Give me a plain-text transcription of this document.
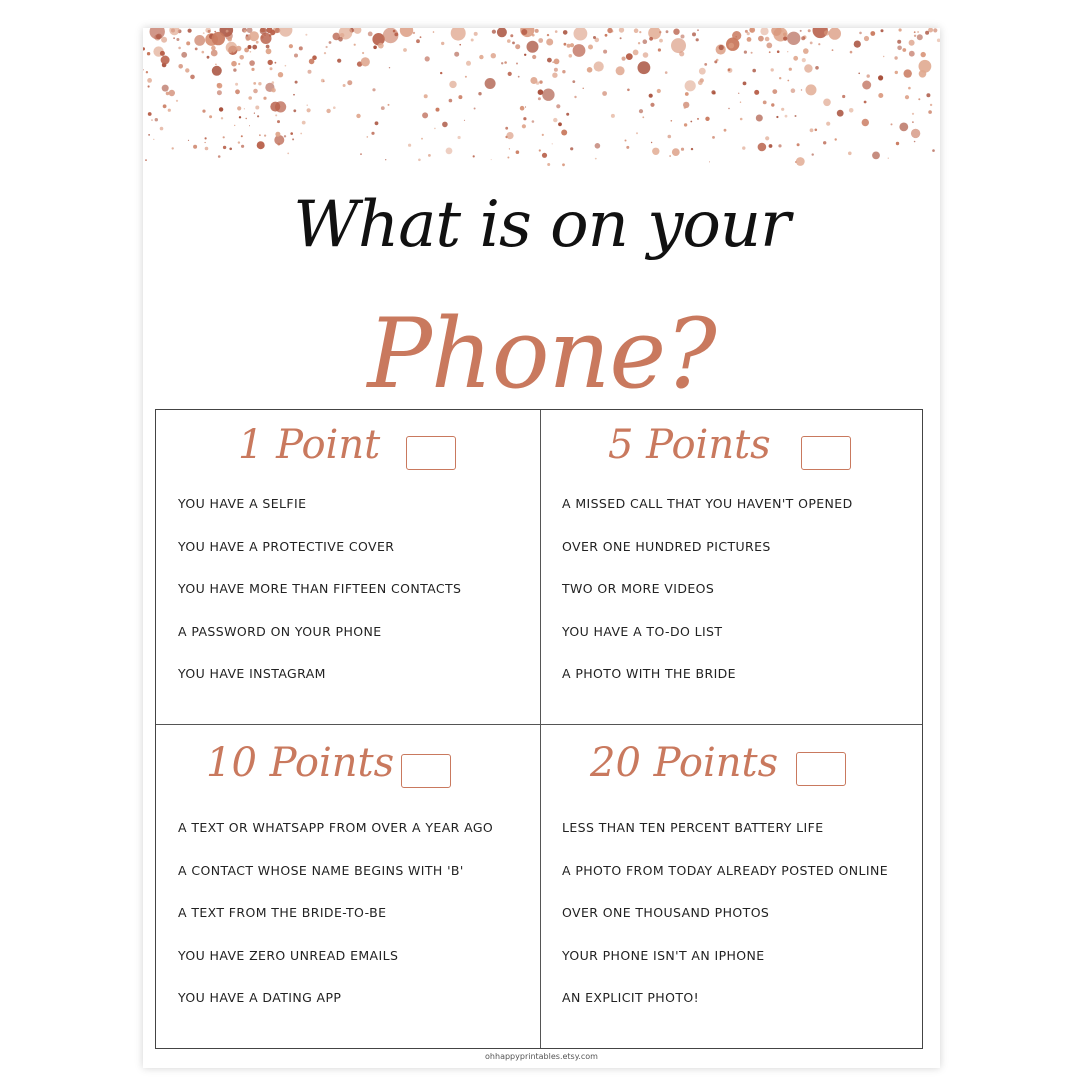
What is on your
Phone?
1 Point
YOU HAVE A SELFIE
YOU HAVE A PROTECTIVE COVER
YOU HAVE MORE THAN FIFTEEN CONTACTS
A PASSWORD ON YOUR PHONE
YOU HAVE INSTAGRAM
5 Points
A MISSED CALL THAT YOU HAVEN'T OPENED
OVER ONE HUNDRED PICTURES
TWO OR MORE VIDEOS
YOU HAVE A TO-DO LIST
A PHOTO WITH THE BRIDE
10 Points
A TEXT OR WHATSAPP FROM OVER A YEAR AGO
A CONTACT WHOSE NAME BEGINS WITH 'B'
A TEXT FROM THE BRIDE-TO-BE
YOU HAVE ZERO UNREAD EMAILS
YOU HAVE A DATING APP
20 Points
LESS THAN TEN PERCENT BATTERY LIFE
A PHOTO FROM TODAY ALREADY POSTED ONLINE
OVER ONE THOUSAND PHOTOS
YOUR PHONE ISN'T AN IPHONE
AN EXPLICIT PHOTO!
ohhappyprintables.etsy.com
